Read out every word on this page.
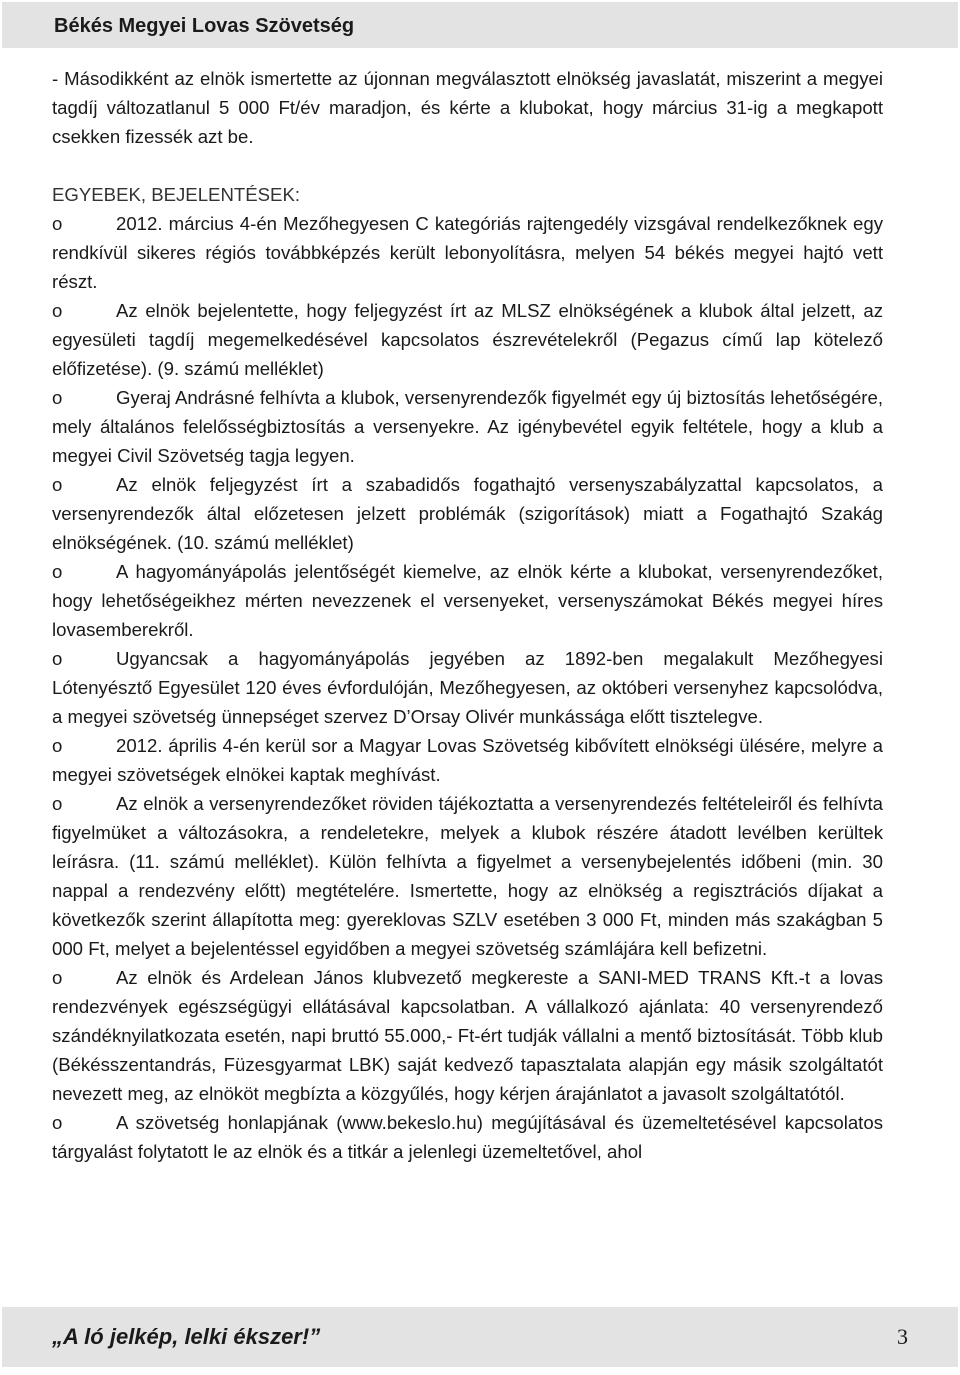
Békés Megyei Lovas Szövetség

- Másodikként az elnök ismertette az újonnan megválasztott elnökség javaslatát, miszerint a megyei tagdíj változatlanul 5 000 Ft/év maradjon, és kérte a klubokat, hogy március 31-ig a megkapott csekken fizessék azt be.

EGYEBEK, BEJELENTÉSEK:

o	2012. március 4-én Mezőhegyesen C kategóriás rajtengedély vizsgával rendelkezőknek egy rendkívül sikeres régiós továbbképzés került lebonyolításra, melyen 54 békés megyei hajtó vett részt.

o	Az elnök bejelentette, hogy feljegyzést írt az MLSZ elnökségének a klubok által jelzett, az egyesületi tagdíj megemelkedésével kapcsolatos észrevételekről (Pegazus című lap kötelező előfizetése). (9. számú melléklet)

o	Gyeraj Andrásné felhívta a klubok, versenyrendezők figyelmét egy új biztosítás lehetőségére, mely általános felelősségbiztosítás a versenyekre. Az igénybevétel egyik feltétele, hogy a klub a megyei Civil Szövetség tagja legyen.

o	Az elnök feljegyzést írt a szabadidős fogathajtó versenyszabályzattal kapcsolatos, a versenyrendezők által előzetesen jelzett problémák (szigorítások) miatt a Fogathajtó Szakág elnökségének. (10. számú melléklet)

o	A hagyományápolás jelentőségét kiemelve, az elnök kérte a klubokat, versenyrendezőket, hogy lehetőségeikhez mérten nevezzenek el versenyeket, versenyszámokat Békés megyei híres lovasemberekről.

o	Ugyancsak a hagyományápolás jegyében az 1892-ben megalakult Mezőhegyesi Lótenyésztő Egyesület 120 éves évfordulóján, Mezőhegyesen, az októberi versenyhez kapcsolódva, a megyei szövetség ünnepséget szervez D’Orsay Olivér munkássága előtt tisztelegve.

o	2012. április 4-én kerül sor a Magyar Lovas Szövetség kibővített elnökségi ülésére, melyre a megyei szövetségek elnökei kaptak meghívást.

o	Az elnök a versenyrendezőket röviden tájékoztatta a versenyrendezés feltételeiről és felhívta figyelmüket a változásokra, a rendeletekre, melyek a klubok részére átadott levélben kerültek leírásra. (11. számú melléklet). Külön felhívta a figyelmet a versenybejelentés időbeni (min. 30 nappal a rendezvény előtt) megtételére. Ismertette, hogy az elnökség a regisztrációs díjakat a következők szerint állapította meg: gyereklovas SZLV esetében 3 000 Ft, minden más szakágban 5 000 Ft, melyet a bejelentéssel egyidőben a megyei szövetség számlájára kell befizetni.

o	Az elnök és Ardelean János klubvezető megkereste a SANI-MED TRANS Kft.-t a lovas rendezvények egészségügyi ellátásával kapcsolatban. A vállalkozó ajánlata: 40 versenyrendező szándéknyilatkozata esetén, napi bruttó 55.000,- Ft-ért tudják vállalni a mentő biztosítását. Több klub (Békésszentandrás, Füzesgyarmat LBK) saját kedvező tapasztalata alapján egy másik szolgáltatót nevezett meg, az elnököt megbízta a közgyűlés, hogy kérjen árajánlatot a javasolt szolgáltatótól.

o	A szövetség honlapjának (www.bekeslo.hu) megújításával és üzemeltetésével kapcsolatos tárgyalást folytatott le az elnök és a titkár a jelenlegi üzemeltetővel, ahol

„A ló jelkép, lelki ékszer!”	3
